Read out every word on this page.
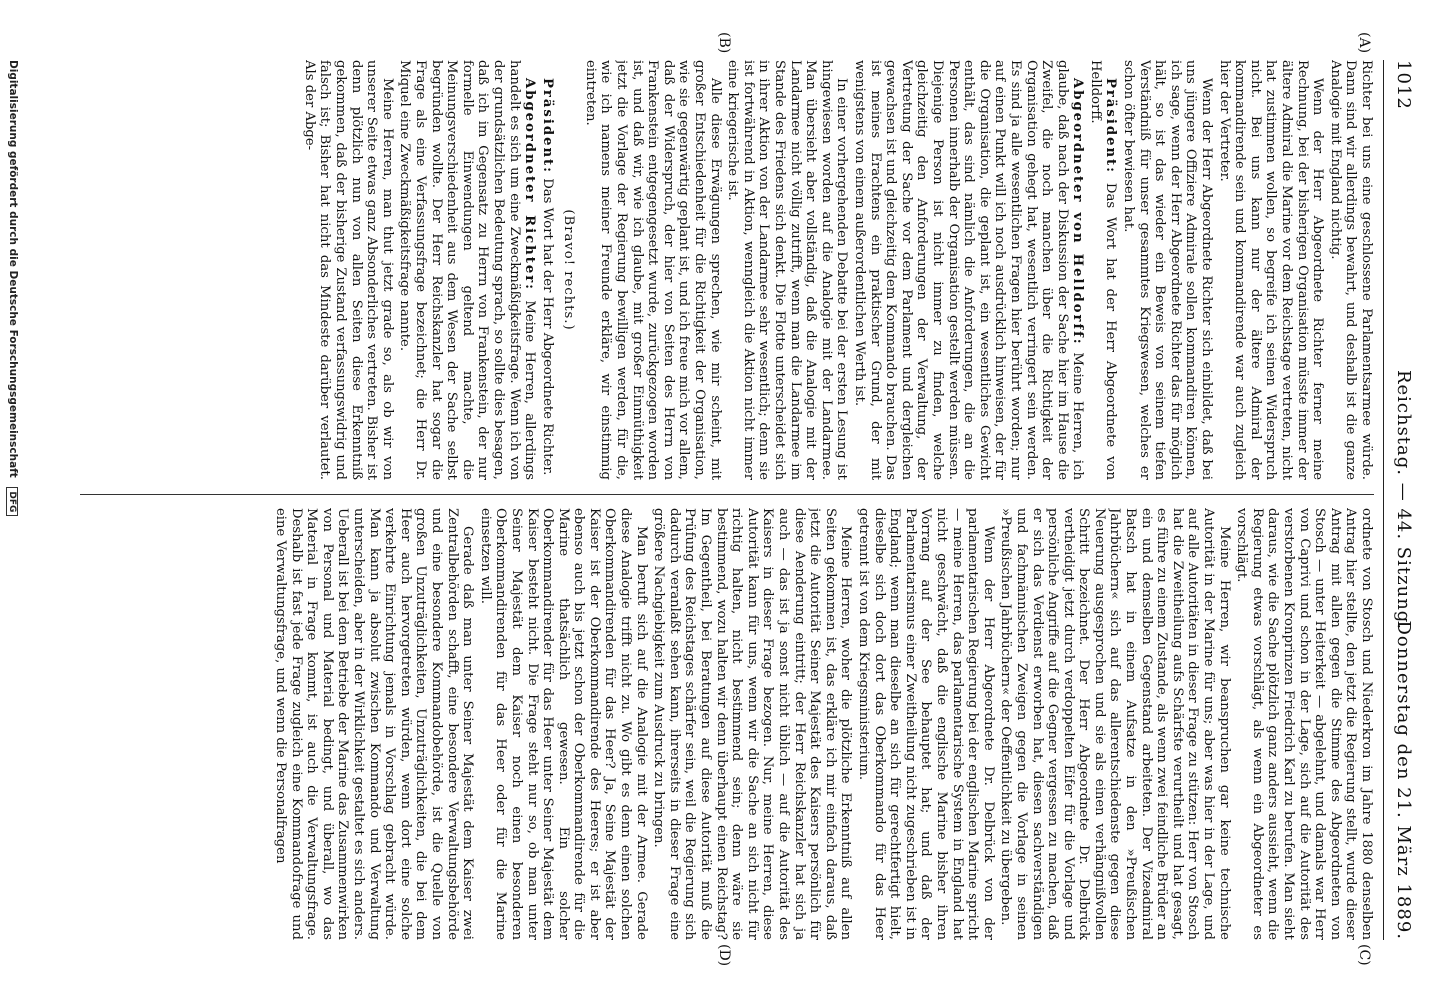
1012
Reichstag. — 44. Sitzung.
Donnerstag den 21. März 1889.
(A)
(B)
(C)
(D)

Richter bei uns eine geschlossene Parlamentsarmee würde. Dann sind wir allerdings bewahrt, und deshalb ist die ganze Analogie mit England nichtig.

Wenn der Herr Abgeordnete Richter ferner meine Rechnung, bei der bisherigen Organisation müsste immer der ältere Admiral die Marine vor dem Reichstage vertreten, nicht hat zustimmen wollen, so begreife ich seinen Widerspruch nicht. Bei uns kann nur der ältere Admiral der kommandirende sein und kommandirende war auch zugleich hier der Vertreter.

Wenn der Herr Abgeordnete Richter sich einbildet, daß bei uns jüngere Offiziere Admirale sollen kommandiren können, ich sage, wenn der Herr Abgeordnete Richter das für möglich hält, so ist das wieder ein Beweis von seinem tiefen Verständniß für unser gesammtes Kriegswesen, welches er schon öfter bewiesen hat.

Präsident: Das Wort hat der Herr Abgeordnete von Helldorff.

Abgeordneter von Helldorff: Meine Herren, ich glaube, daß nach der Diskussion der Sache hier im Hause die Zweifel, die noch manchen über die Richtigkeit der Organisation gehegt hat, wesentlich verringert sein werden. Es sind ja alle wesentlichen Fragen hier berührt worden; nur auf einen Punkt will ich noch ausdrücklich hinweisen, der für die Organisation, die geplant ist, ein wesentliches Gewicht enthält, das sind nämlich die Anforderungen, die an die Personen innerhalb der Organisation gestellt werden müssen. Diejenige Person ist nicht immer zu finden, welche gleichzeitig den Anforderungen der Verwaltung, der Vertretung der Sache vor dem Parlament und dergleichen gewachsen ist und gleichzeitig dem Kommando brauchen. Das ist meines Erachtens ein praktischer Grund, der mit wenigstens von einem außerordentlichen Werth ist.

In einer vorhergehenden Debatte bei der ersten Lesung ist hingewiesen worden auf die Analogie mit der Landarmee. Man übersieht aber vollständig, daß die Analogie mit der Landarmee nicht völlig zutrifft, wenn man die Landarmee im Stande des Friedens sich denkt. Die Flotte unterscheidet sich in ihrer Aktion von der Landarmee sehr wesentlich; denn sie ist fortwährend in Aktion, wenngleich die Aktion nicht immer eine kriegerische ist.

Alle diese Erwägungen sprechen, wie mir scheint, mit großer Entschiedenheit für die Richtigkeit der Organisation, wie sie gegenwärtig geplant ist, und ich freue mich vor allem, daß der Widerspruch, der hier von Seiten des Herrn von Frankenstein entgegengesetzt wurde, zurückgezogen worden ist, und daß wir, wie ich glaube, mit großer Einmüthigkeit jetzt die Vorlage der Regierung bewilligen werden, für die, wie ich namens meiner Freunde erkläre, wir einstimmig eintreten.

(Bravo! rechts.)

Präsident: Das Wort hat der Herr Abgeordnete Richter.

Abgeordneter Richter: Meine Herren, allerdings handelt es sich um eine Zweckmäßigkeitsfrage. Wenn ich von der grundsätzlichen Bedeutung sprach, so sollte dies besagen, daß ich im Gegensatz zu Herrn von Frankenstein, der nur formelle Einwendungen geltend machte, die Meinungsverschiedenheit aus dem Wesen der Sache selbst begründen wollte. Der Herr Reichskanzler hat sogar die Frage als eine Verfassungsfrage bezeichnet; die Herr Dr. Miquel eine Zweckmäßigkeitsfrage nannte.

Meine Herren, man thut jetzt grade so, als ob wir von unserer Seite etwas ganz Absonderliches vertreten. Bisher ist denn plötzlich nun von allen Seiten diese Erkenntniß gekommen, daß der bisherige Zustand verfassungswidrig und falsch ist; Bisher hat nicht das Mindeste darüber verlautet. Als der Abge-

ordnete von Stosch und Niederkron im Jahre 1880 denselben Antrag hier stellte, den jetzt die Regierung stellt, wurde dieser Antrag mit allen gegen die Stimme des Abgeordneten von Stosch — unter Heiterkeit — abgelehnt, und damals war Herr von Caprivi und schon in der Lage, sich auf die Autorität des verstorbenen Kronprinzen Friedrich Karl zu berufen. Man sieht daraus, wie die Sache plötzlich ganz anders aussieht, wenn die Regierung etwas vorschlägt, als wenn ein Abgeordneter es vorschlägt.

Meine Herren, wir beanspruchen gar keine technische Autorität in der Marine für uns; aber was hier in der Lage, und auf alle Autoritäten in dieser Frage zu stützen: Herr von Stosch hat die Zweitheilung aufs Schärfste verurtheilt und hat gesagt, es führe zu einem Zustande, als wenn zwei feindliche Brüder an ein und demselben Gegenstand arbeiteten. Der Vizeadmiral Batsch hat in einem Aufsatze in den »Preußischen Jahrbüchern« sich auf das allerentschiedenste gegen diese Neuerung ausgesprochen und sie als einen verhängnißvollen Schritt bezeichnet. Der Herr Abgeordnete Dr. Delbrück vertheidigt jetzt durch verdoppelten Eifer für die Vorlage und persönliche Angriffe auf die Gegner vergessen zu machen, daß er sich das Verdienst erworben hat, diesen sachverständigen und fachmännischen Zweigen gegen die Vorlage in seinen »Preußischen Jahrbüchern« der Oeffentlichkeit zu übergeben.

Wenn der Herr Abgeordnete Dr. Delbrück von der parlamentarischen Regierung bei der englischen Marine spricht — meine Herren, das parlamentarische System in England hat nicht geschwächt, daß die englische Marine bisher ihren Vorrang auf der See behauptet hat; und daß der Parlamentarismus einer Zweitheilung nicht zugeschrieben ist in England; wenn man dieselbe an sich für gerechtfertigt hielt, dieselbe sich doch dort das Oberkommando für das Heer getrennt ist von dem Kriegsministerium.

Meine Herren, woher die plötzliche Erkenntniß auf allen Seiten gekommen ist, das erkläre ich mir einfach daraus, daß jetzt die Autorität Seiner Majestät des Kaisers persönlich für diese Aenderung eintritt; der Herr Reichskanzler hat sich ja auch — das ist ja sonst nicht üblich — auf die Autorität des Kaisers in dieser Frage bezogen. Nur, meine Herren, diese Autorität kann für uns, wenn wir die Sache an sich nicht für richtig halten, nicht bestimmend sein; denn wäre sie bestimmend, wozu halten wir denn überhaupt einen Reichstag? Im Gegentheil, bei Beratungen auf diese Autorität muß die Prüfung des Reichstages schärfer sein, weil die Regierung sich dadurch veranlaßt sehen kann, ihrerseits in dieser Frage eine größere Nachgiebigkeit zum Ausdruck zu bringen.

Man beruft sich auf die Analogie mit der Armee. Gerade diese Analogie trifft nicht zu. Wo gibt es denn einen solchen Oberkommandirenden für das Heer? Ja, Seine Majestät der Kaiser ist der Oberkommandirende des Heeres; er ist aber ebenso auch bis jetzt schon der Oberkommandirende für die Marine thatsächlich gewesen. Ein solcher Oberkommandirender für das Heer unter Seiner Majestät dem Kaiser besteht nicht. Die Frage steht nur so, ob man unter Seiner Majestät dem Kaiser noch einen besonderen Oberkommandirenden für das Heer oder für die Marine einsetzen will.

Gerade daß man unter Seiner Majestät dem Kaiser zwei Zentralbehörden schafft, eine besondere Verwaltungsbehörde und eine besondere Kommandobehörde, ist die Quelle von großen Unzuträglichkeiten, Unzuträglichkeiten, die bei dem Heer auch hervorgetreten würden, wenn dort eine solche verkehrte Einrichtung jemals in Vorschlag gebracht würde. Man kann ja absolut zwischen Kommando und Verwaltung unterscheiden, aber in der Wirklichkeit gestaltet es sich anders. Ueberall ist bei dem Betriebe der Marine das Zusammenwirken von Personal und Material bedingt, und überall, wo das Material in Frage kommt, ist auch die Verwaltungsfrage. Deshalb ist fast jede Frage zugleich eine Kommandofrage und eine Verwaltungsfrage, und wenn die Personalfragen

Digitalisierung gefördert durch die Deutsche Forschungsgemeinschaft DFG
